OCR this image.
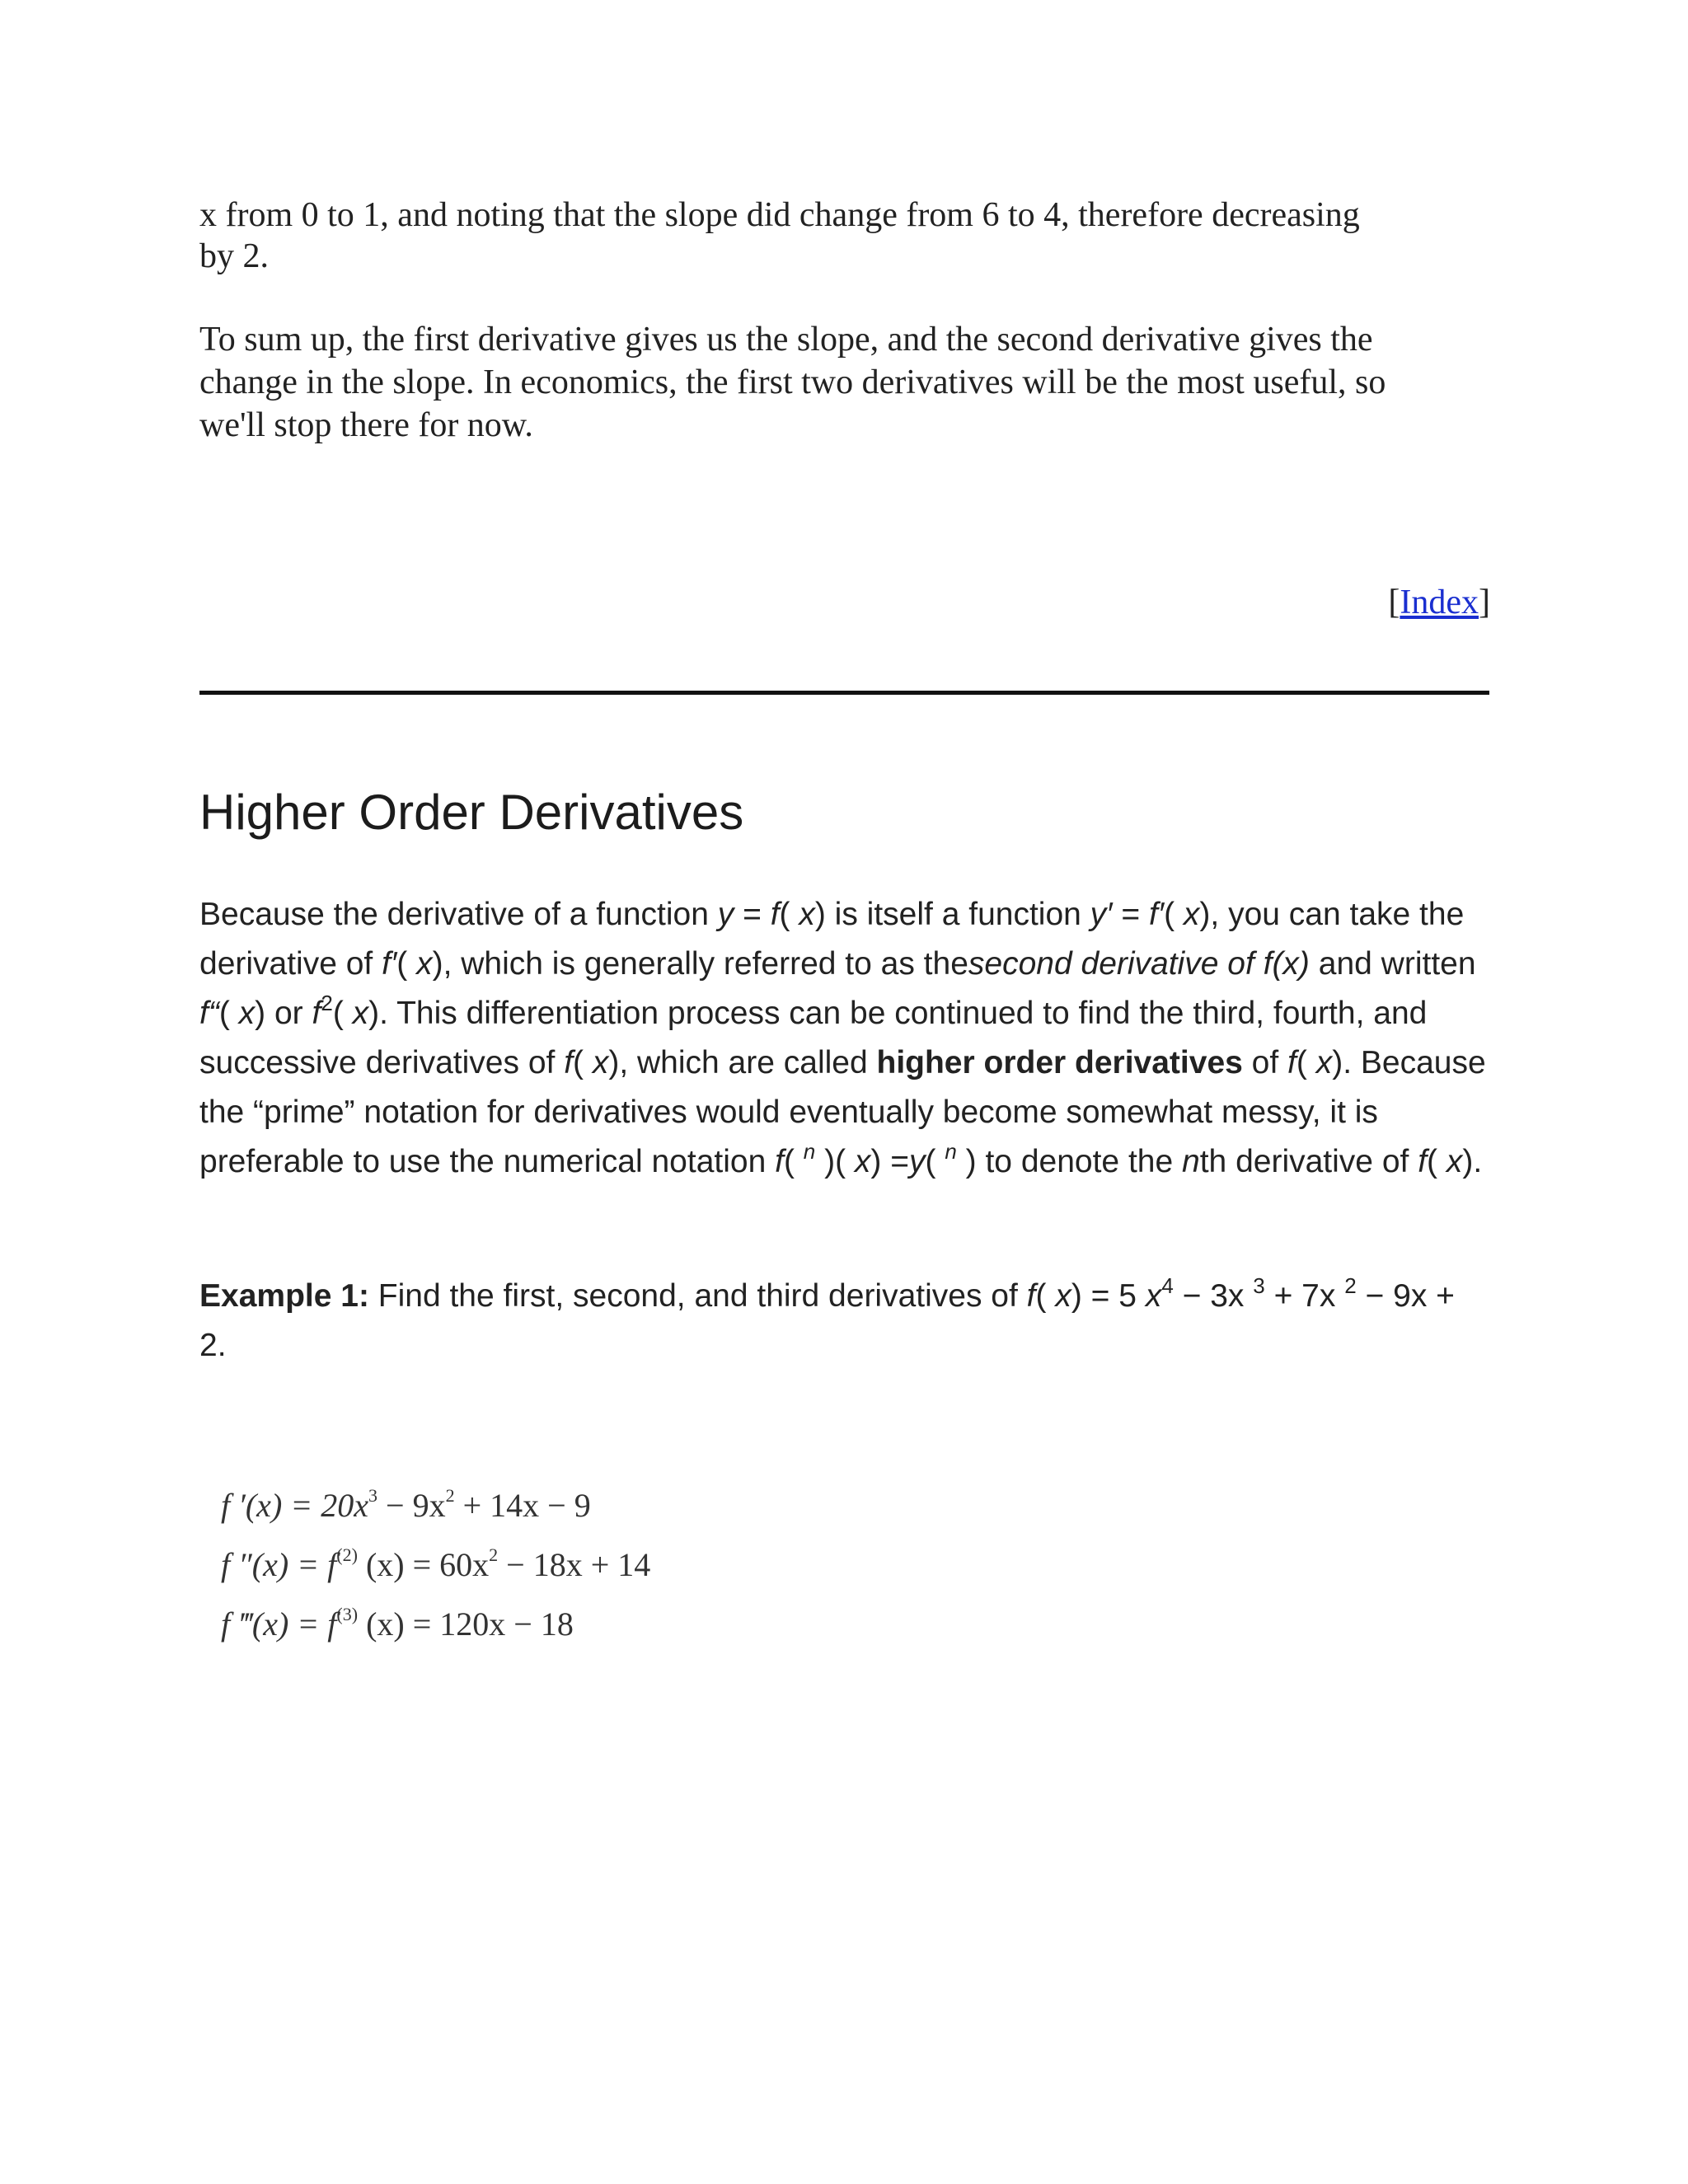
x from 0 to 1, and noting that the slope did change from 6 to 4, therefore decreasing
by 2.
To sum up, the first derivative gives us the slope, and the second derivative gives the
change in the slope. In economics, the first two derivatives will be the most useful, so
we'll stop there for now.
[Index]
Higher Order Derivatives
Because the derivative of a function y = f( x) is itself a function y′ = f′( x), you can take the derivative of f′( x), which is generally referred to as thesecond derivative of f(x) and written f“( x) or $f^2$( x). This differentiation process can be continued to find the third, fourth, and successive derivatives of f( x), which are called higher order derivatives of f( x). Because the “prime” notation for derivatives would eventually become somewhat messy, it is preferable to use the numerical notation f( $^n$ )( x) =y( $^n$ ) to denote the nth derivative of f( x).
Example 1: Find the first, second, and third derivatives of f( x) = 5 $x^4 - 3x$ $^3$ + 7x $^2$ − 9x + 2.
f $'(x) = 20x^3 - 9x^2 + 14x - 9$
f $''(x) = f^{(2)}$ $(x) = 60x^2 - 18x + 14$
f ‴(x) = $f^{(3)}$ (x) = 120x − 18
